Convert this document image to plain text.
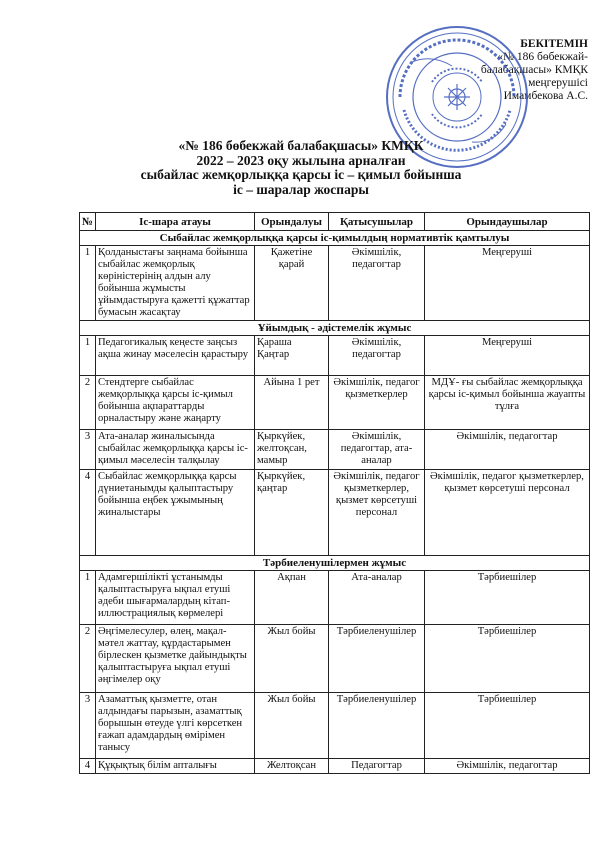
БЕКІТЕМІН
«№ 186 бөбекжай-
балабақшасы» КМҚК
меңгерушісі
Имамбекова А.С.
«№ 186 бөбекжай балабақшасы» КМҚК
2022 – 2023 оқу жылына арналған
сыбайлас жемқорлыққа қарсы іс – қимыл бойынша
іс – шаралар жоспары
№	Іс-шара атауы	Орындалуы	Қатысушылар	Орындаушылар
Сыбайлас жемқорлыққа қарсы іс-қимылдың нормативтік қамтылуы				
1	Қолданыстағы заңнама бойынша сыбайлас жемқорлық көріністерінің алдын алу бойынша жұмысты ұйымдастыруға қажетті құжаттар бумасын жасақтау	Қажетіне қарай	Әкімшілік, педагогтар	Меңгеруші
Ұйымдық - әдістемелік жұмыс				
1	Педагогикалық кеңесте заңсыз ақша жинау мәселесін қарастыру	Қараша Қаңтар	Әкімшілік, педагогтар	Меңгеруші
2	Стендтерге сыбайлас жемқорлыққа қарсы іс-қимыл бойынша ақпараттарды орналастыру және жаңарту	Айына 1 рет	Әкімшілік, педагог қызметкерлер	МДҰ- ғы сыбайлас жемқорлыққа қарсы іс-қимыл бойынша жауапты тұлға
3	Ата-аналар жиналысында сыбайлас жемқорлыққа қарсы іс-қимыл мәселесін талқылау	Қыркүйек, желтоқсан, мамыр	Әкімшілік, педагогтар, ата-аналар	Әкімшілік, педагогтар
4	Сыбайлас жемқорлыққа қарсы дүниетанымды қалыптастыру бойынша еңбек ұжымының жиналыстары	Қыркүйек, қаңтар	Әкімшілік, педагог қызметкерлер, қызмет көрсетуші персонал	Әкімшілік, педагог қызметкерлер, қызмет көрсетуші персонал
Тәрбиеленушілермен жұмыс				
1	Адамгершілікті ұстанымды қалыптастыруға ықпал етуші әдеби шығармалардың кітап-иллюстрациялық көрмелері	Ақпан	Ата-аналар	Тәрбиешілер
2	Әңгімелесулер, өлең, мақал-мәтел жаттау, құрдастарымен бірлескен қызметке дайындықты қалыптастыруға ықпал етуші әңгімелер оқу	Жыл бойы	Тәрбиеленушілер	Тәрбиешілер
3	Азаматтық қызметте, отан алдындағы парызын, азаматтық борышын өтеуде үлгі көрсеткен ғажап адамдардың өмірімен танысу	Жыл бойы	Тәрбиеленушілер	Тәрбиешілер
4	Құқықтық білім апталығы	Желтоқсан	Педагогтар	Әкімшілік, педагогтар
